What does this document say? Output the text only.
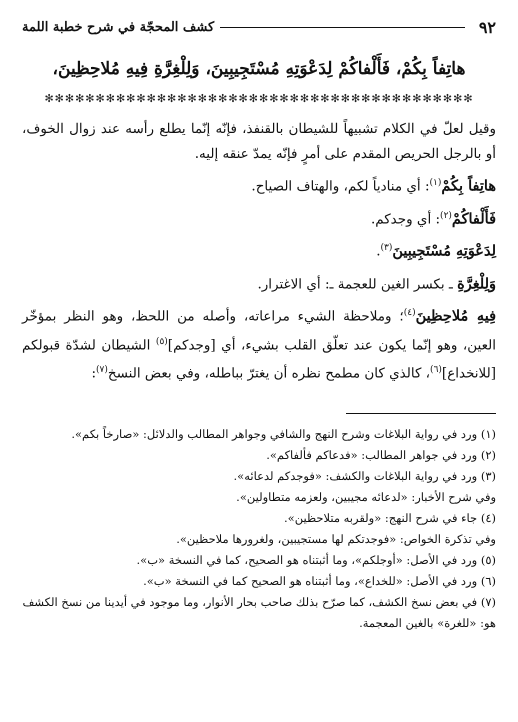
٩٢
كشف المحجّة في شرح خطبة اللمة
هاتِفاً بِكُمْ، فَأَلْفاكُمْ لِدَعْوَتِهِ مُسْتَجِيبِينَ، وَلِلْغِرَّةِ فِيهِ مُلاحِظِينَ،
✻✻✻✻✻✻✻✻✻✻✻✻✻✻✻✻✻✻✻✻✻✻✻✻✻✻✻✻✻✻✻✻✻✻✻✻✻✻✻✻✻✻

وقيل لعلّ في الكلام تشبيهاً للشيطان بالقنفذ، فإنّه إنّما يطلع رأسه عند زوال الخوف، أو بالرجل الحريص المقدم على أمرٍ فإنّه يمدّ عنقه إليه.

هاتِفاً بِكُمْ$^{(١)}$: أي منادياً لكم، والهتاف الصياح.

فَأَلْفاكُمْ$^{(٢)}$: أي وجدكم.

لِدَعْوَتِهِ مُسْتَجِيبِينَ$^{(٣)}$.

وَلِلْغِرَّةِ ـ بكسر الغين للعجمة ـ: أي الاغترار.

فِيهِ مُلاحِظِينَ$^{(٤)}$؛ وملاحظة الشيء مراعاته، وأصله من اللحظ، وهو النظر بمؤخّر العين، وهو إنّما يكون عند تعلّق القلب بشيء، أي [وجدكم]$^{(٥)}$ الشيطان لشدّة قبولكم [للانخداع]$^{(٦)}$، كالذي كان مطمح نظره أن يغترّ بباطله، وفي بعض النسخ$^{(٧)}$:

(١) ورد في رواية البلاغات وشرح النهج والشافي وجواهر المطالب والدلائل: «صارخاً بكم».

(٢) ورد في جواهر المطالب: «فدعاكم فألفاكم».

(٣) ورد في رواية البلاغات والكشف: «فوجدكم لدعائه».

وفي شرح الأخبار: «لدعائه مجيبين، ولعزمه متطاولين».

(٤) جاء في شرح النهج: «ولقربه متلاحظين».

وفي تذكرة الخواص: «فوجدتكم لها مستجيبين، ولغرورها ملاحظين».

(٥) ورد في الأصل: «أوجلكم»، وما أثبتناه هو الصحيح، كما في النسخة «ب».

(٦) ورد في الأصل: «للخداع»، وما أثبتناه هو الصحيح كما في النسخة «ب».

(٧) في بعض نسخ الكشف، كما صرّح بذلك صاحب بحار الأنوار، وما موجود في أيدينا من نسخ الكشف هو: «للغرة» بالغين المعجمة.
